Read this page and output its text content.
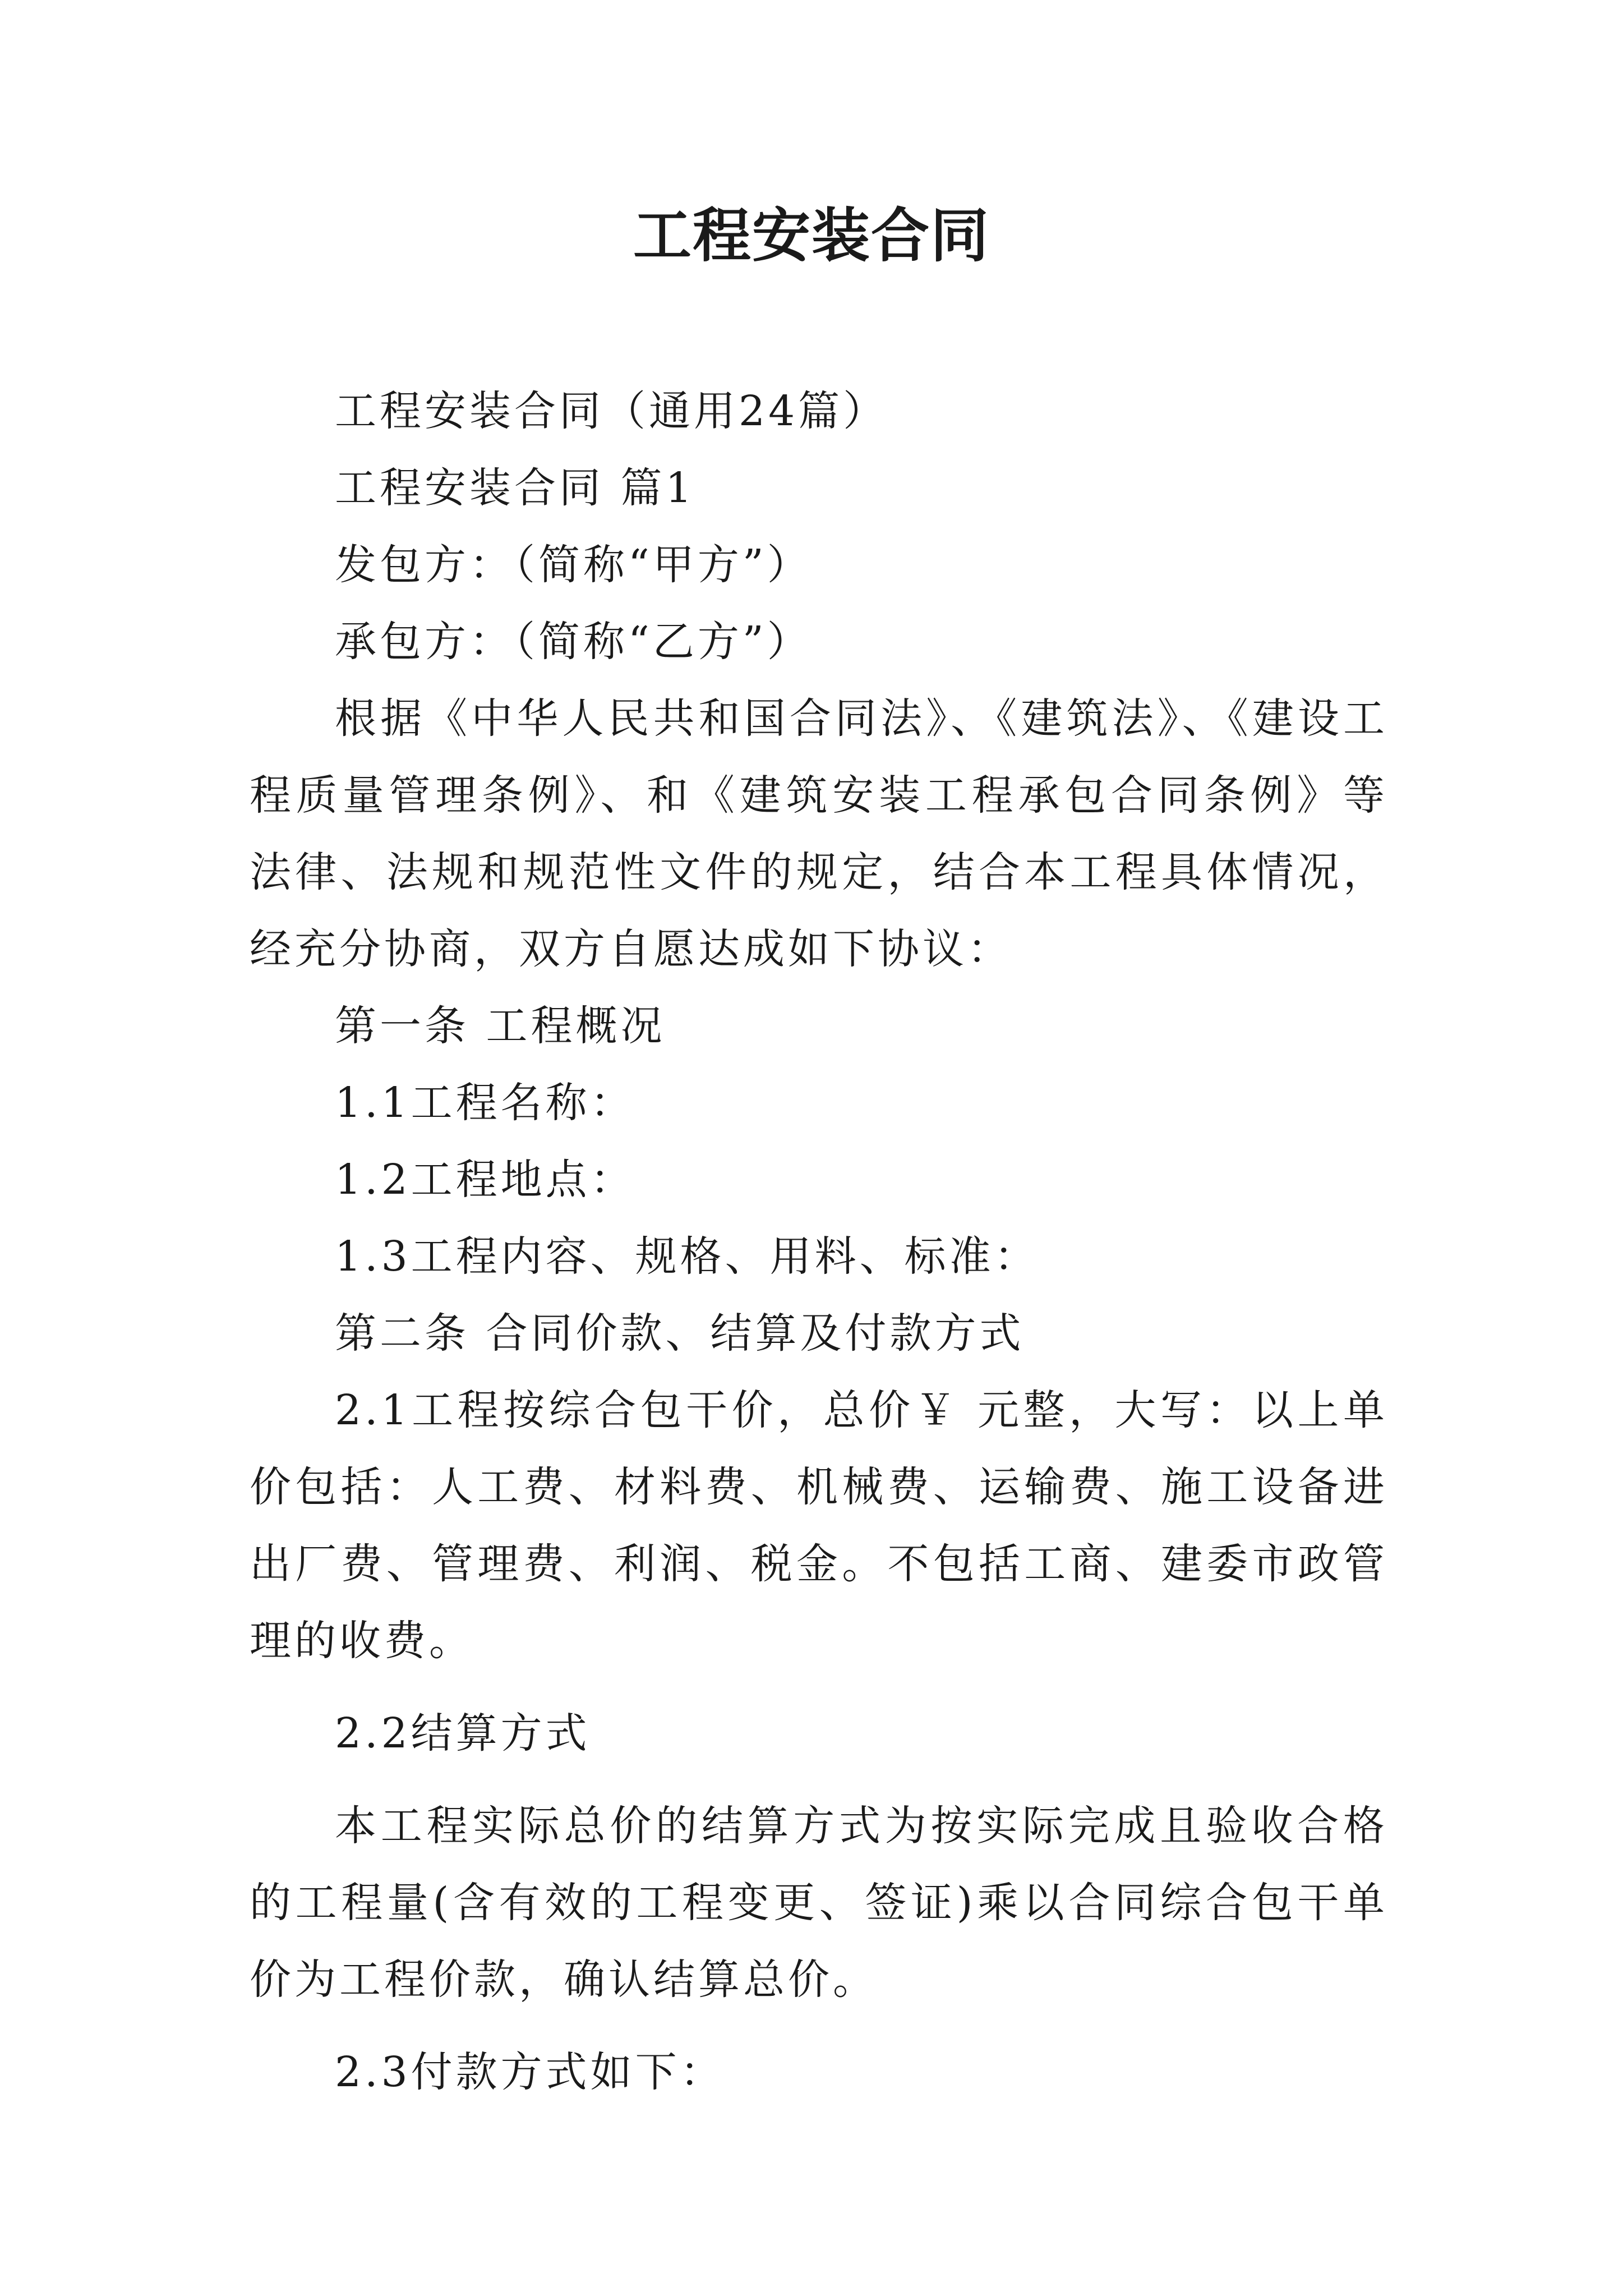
工程安装合同

工程安装合同（通用24篇）

工程安装合同 篇1

发包方：（简称“甲方”）

承包方：（简称“乙方”）

根据《中华人民共和国合同法》、《建筑法》、《建设工程质量管理条例》、和《建筑安装工程承包合同条例》等法律、法规和规范性文件的规定，结合本工程具体情况，经充分协商，双方自愿达成如下协议：

第一条 工程概况

1.1工程名称：

1.2工程地点：

1.3工程内容、规格、用料、标准：

第二条 合同价款、结算及付款方式

2.1工程按综合包干价，总价￥ 元整，大写：以上单价包括：人工费、材料费、机械费、运输费、施工设备进出厂费、管理费、利润、税金。不包括工商、建委市政管理的收费。

2.2结算方式

本工程实际总价的结算方式为按实际完成且验收合格的工程量(含有效的工程变更、签证)乘以合同综合包干单价为工程价款，确认结算总价。

2.3付款方式如下：
